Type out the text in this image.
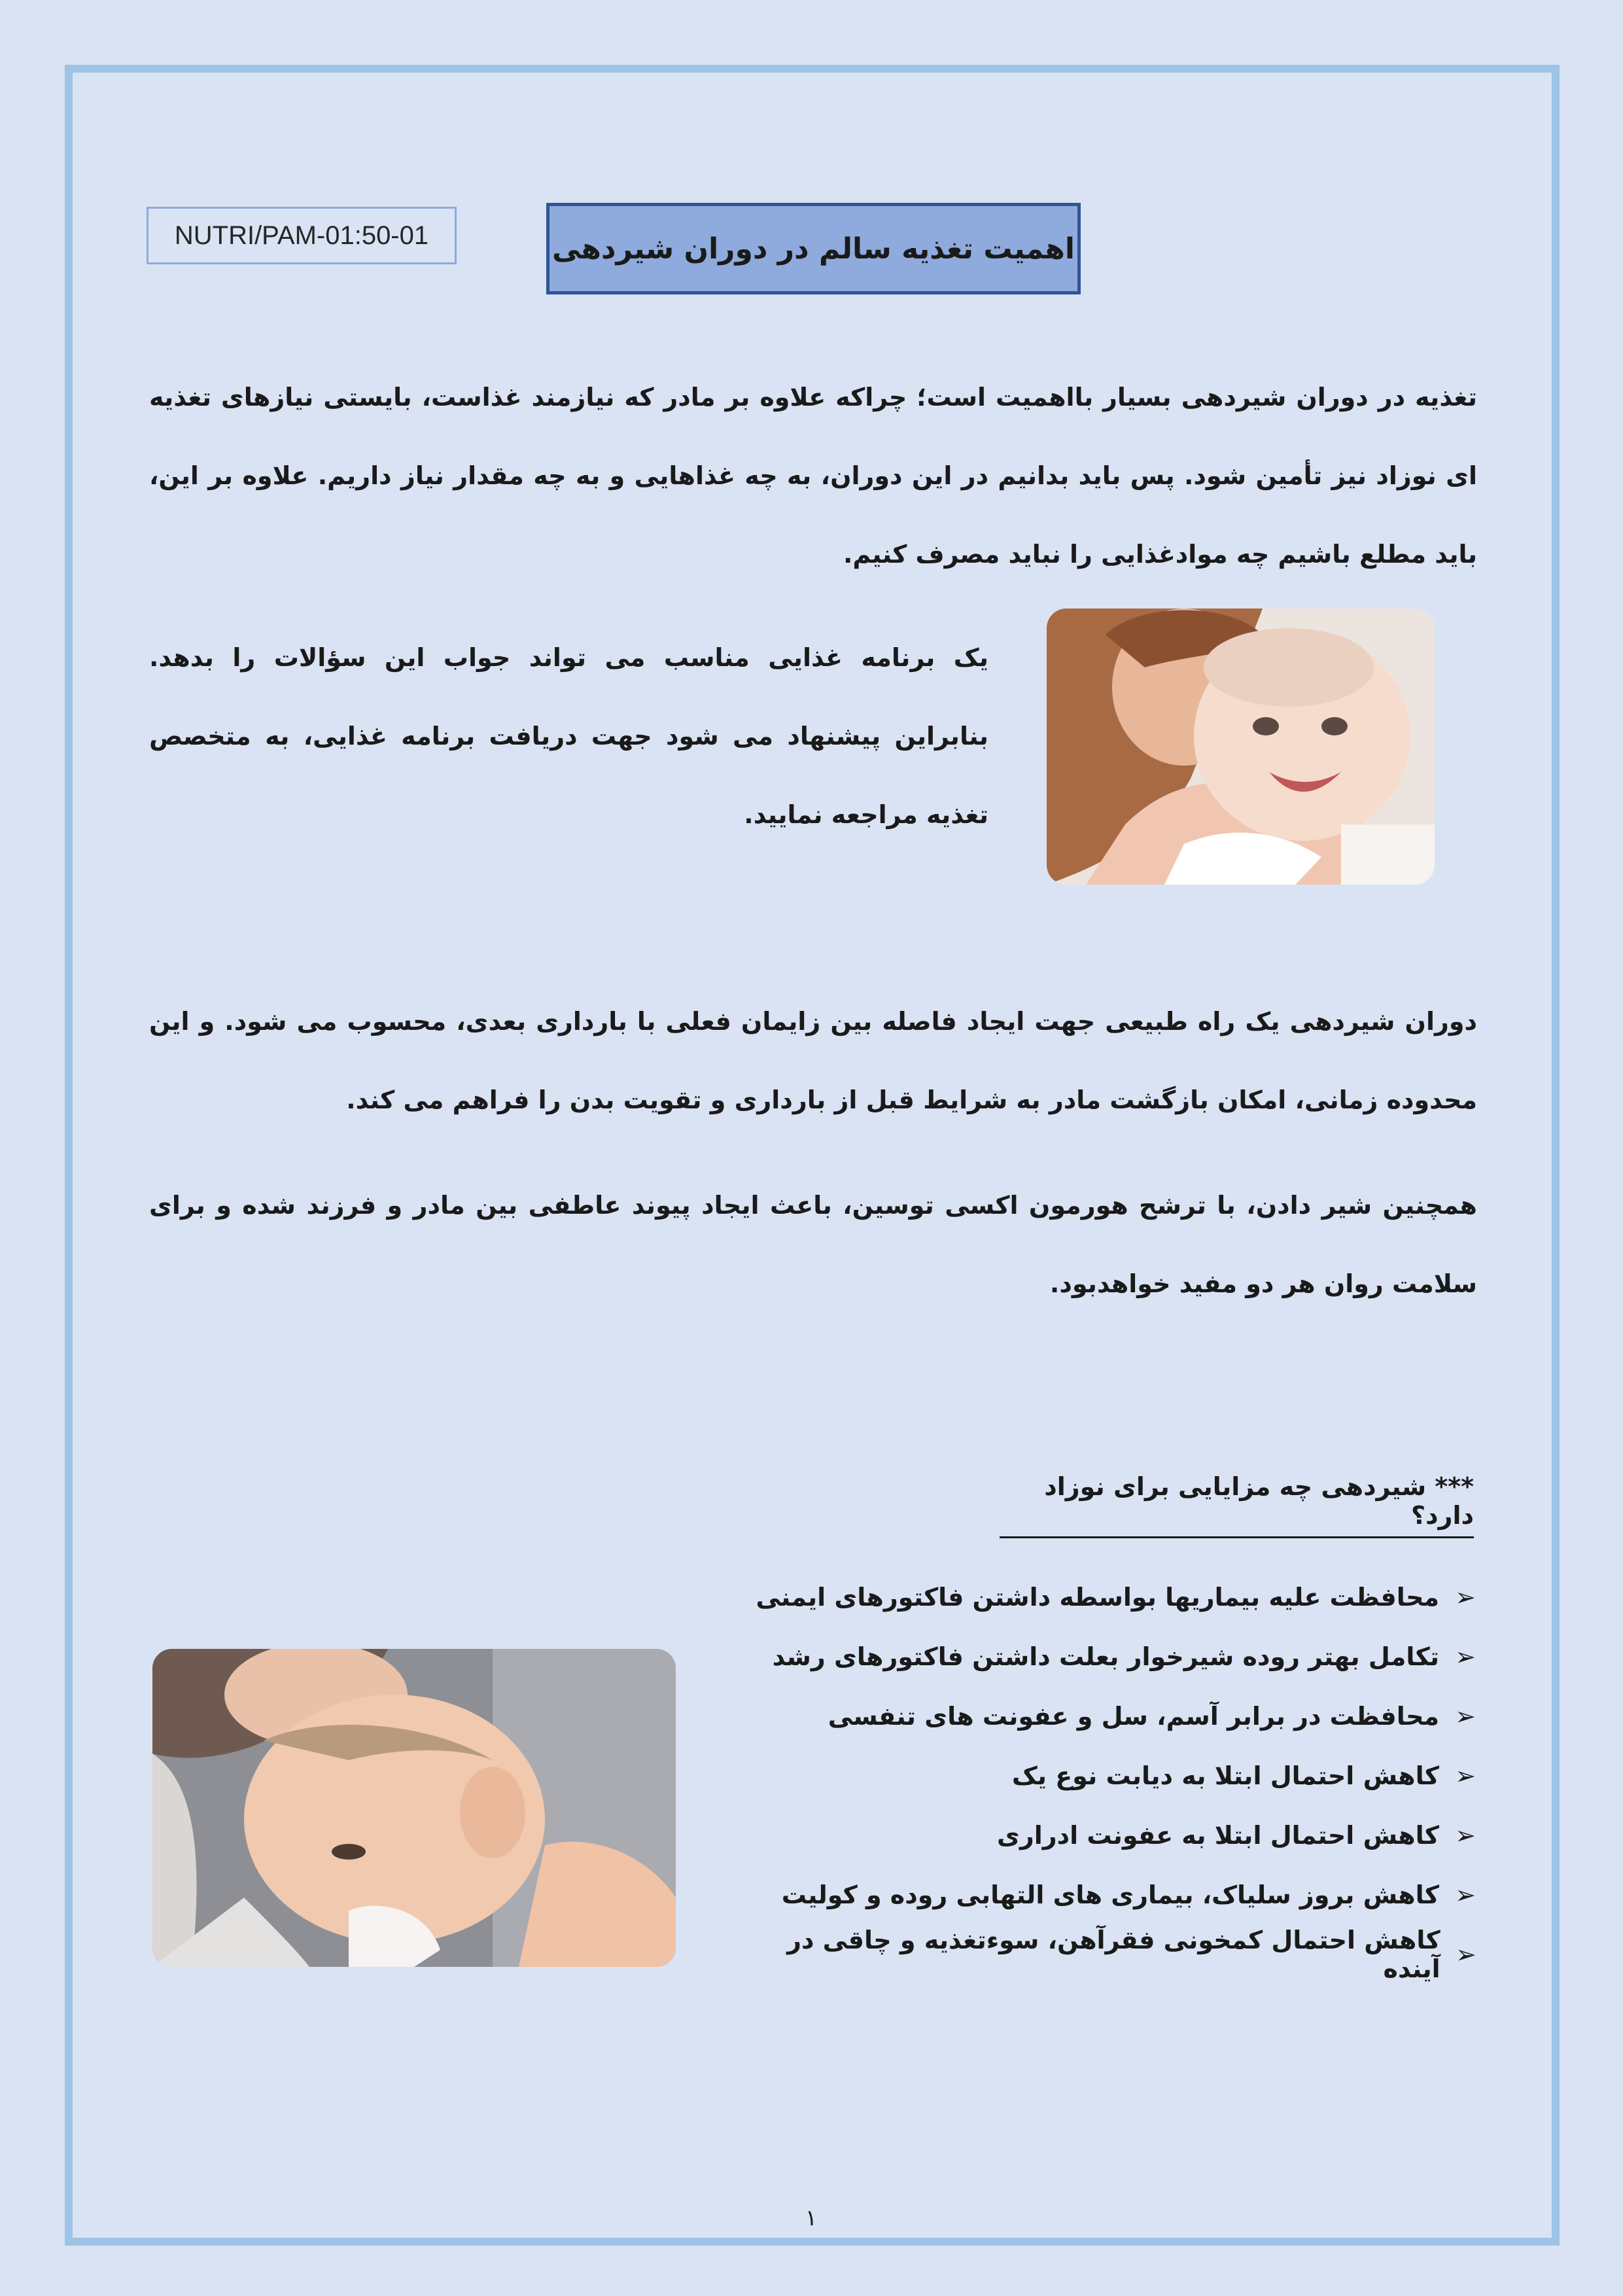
NUTRI/PAM-01:50-01	اهمیت تغذیه سالم در دوران شیردهی

تغذیه در دوران شیردهی بسیار بااهمیت است؛ چراکه علاوه بر مادر که نیازمند غذاست، بایستی نیازهای تغذیه ای نوزاد نیز تأمین شود. پس باید بدانیم در این دوران، به چه غذاهایی و به چه مقدار نیاز داریم. علاوه بر این، باید مطلع باشیم چه موادغذایی را نباید مصرف کنیم.

یک برنامه غذایی مناسب می تواند جواب این سؤالات را بدهد. بنابراین پیشنهاد می شود جهت دریافت برنامه غذایی، به متخصص تغذیه مراجعه نمایید.

دوران شیردهی یک راه طبیعی جهت ایجاد فاصله بین زایمان فعلی با بارداری بعدی، محسوب می شود. و این محدوده زمانی، امکان بازگشت مادر به شرایط قبل از بارداری و تقویت بدن را فراهم می کند.

همچنین شیر دادن، با ترشح هورمون اکسی توسین، باعث ایجاد پیوند عاطفی بین مادر و فرزند شده و برای سلامت روان هر دو مفید خواهدبود.

*** شیردهی چه مزایایی برای نوزاد دارد؟
➢
محافظت علیه بیماریها بواسطه داشتن فاکتورهای ایمنی
➢
تکامل بهتر روده شیرخوار بعلت داشتن فاکتورهای رشد
➢
محافظت در برابر آسم، سل و عفونت های تنفسی
➢
کاهش احتمال ابتلا به دیابت نوع یک
➢
کاهش احتمال ابتلا به عفونت ادراری
➢
کاهش بروز سلیاک، بیماری های التهابی روده و کولیت
➢
کاهش احتمال کمخونی فقرآهن، سوءتغذیه و چاقی در آینده
۱
